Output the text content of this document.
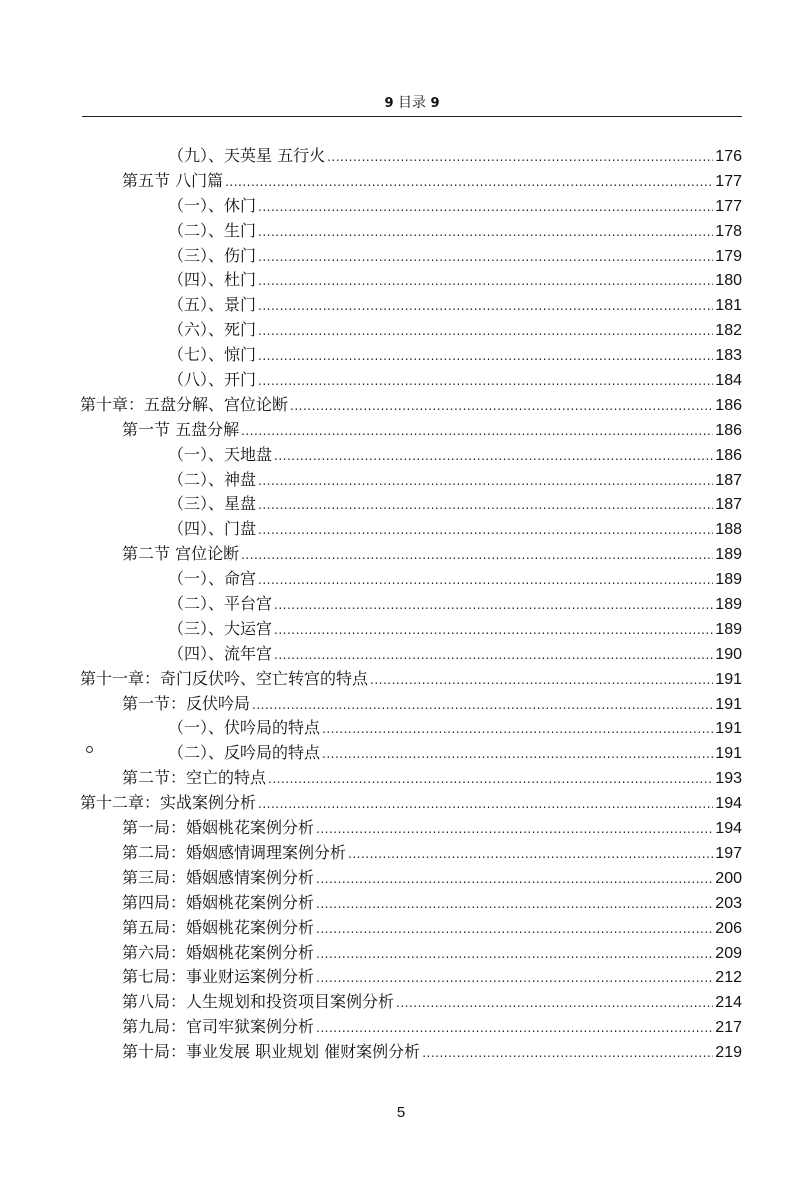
9 目录 9
（九）、天英星 五行火 .....	176
第五节 八门篇 .....	177
（一）、休门 .....	177
（二）、生门 .....	178
（三）、伤门 .....	179
（四）、杜门 .....	180
（五）、景门 .....	181
（六）、死门 .....	182
（七）、惊门 .....	183
（八）、开门 .....	184
第十章：五盘分解、宫位论断 .....	186
第一节 五盘分解 .....	186
（一）、天地盘 .....	186
（二）、神盘 .....	187
（三）、星盘 .....	187
（四）、门盘 .....	188
第二节 宫位论断 .....	189
（一）、命宫 .....	189
（二）、平台宫 .....	189
（三）、大运宫 .....	189
（四）、流年宫 .....	190
第十一章：奇门反伏吟、空亡转宫的特点 .....	191
第一节：反伏吟局 .....	191
（一）、伏吟局的特点 .....	191
（二）、反吟局的特点 .....	191
第二节：空亡的特点 .....	193
第十二章：实战案例分析 .....	194
第一局：婚姻桃花案例分析 .....	194
第二局：婚姻感情调理案例分析 .....	197
第三局：婚姻感情案例分析 .....	200
第四局：婚姻桃花案例分析 .....	203
第五局：婚姻桃花案例分析 .....	206
第六局：婚姻桃花案例分析 .....	209
第七局：事业财运案例分析 .....	212
第八局：人生规划和投资项目案例分析 .....	214
第九局：官司牢狱案例分析 .....	217
第十局：事业发展 职业规划 催财案例分析 .....	219
5
